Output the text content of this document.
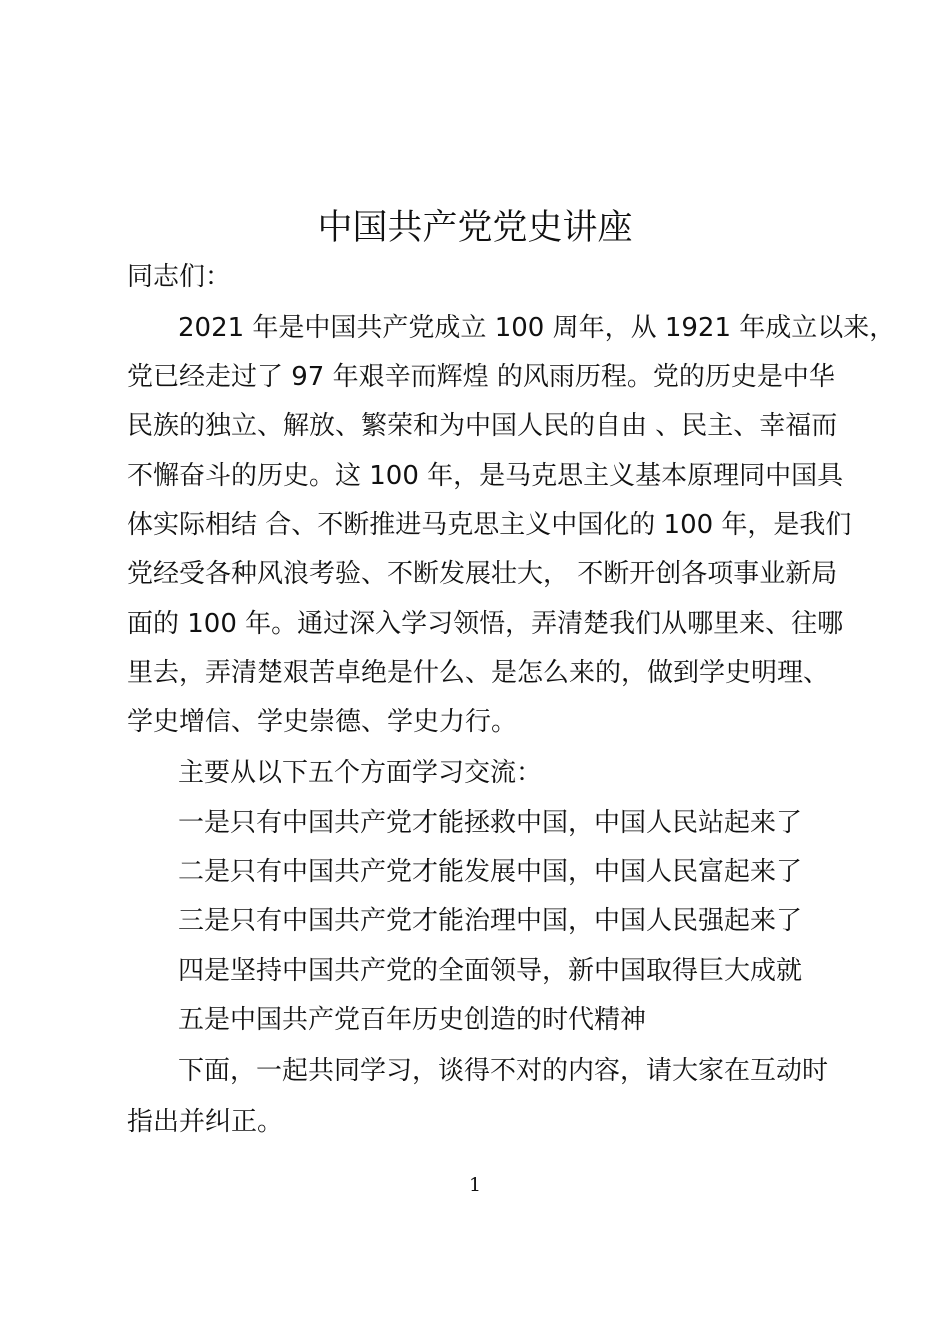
中国共产党党史讲座
同志们：
2021 年是中国共产党成立 100 周年，从 1921 年成立以来，
党已经走过了 97 年艰辛而辉煌 的风雨历程。党的历史是中华
民族的独立、解放、繁荣和为中国人民的自由 、民主、幸福而
不懈奋斗的历史。这 100 年，是马克思主义基本原理同中国具
体实际相结 合、不断推进马克思主义中国化的 100 年，是我们
党经受各种风浪考验、不断发展壮大， 不断开创各项事业新局
面的 100 年。通过深入学习领悟，弄清楚我们从哪里来、往哪
里去，弄清楚艰苦卓绝是什么、是怎么来的，做到学史明理、
学史增信、学史崇德、学史力行。
主要从以下五个方面学习交流：
一是只有中国共产党才能拯救中国，中国人民站起来了
二是只有中国共产党才能发展中国，中国人民富起来了
三是只有中国共产党才能治理中国，中国人民强起来了
四是坚持中国共产党的全面领导，新中国取得巨大成就
五是中国共产党百年历史创造的时代精神
下面，一起共同学习，谈得不对的内容，请大家在互动时
指出并纠正。
1
